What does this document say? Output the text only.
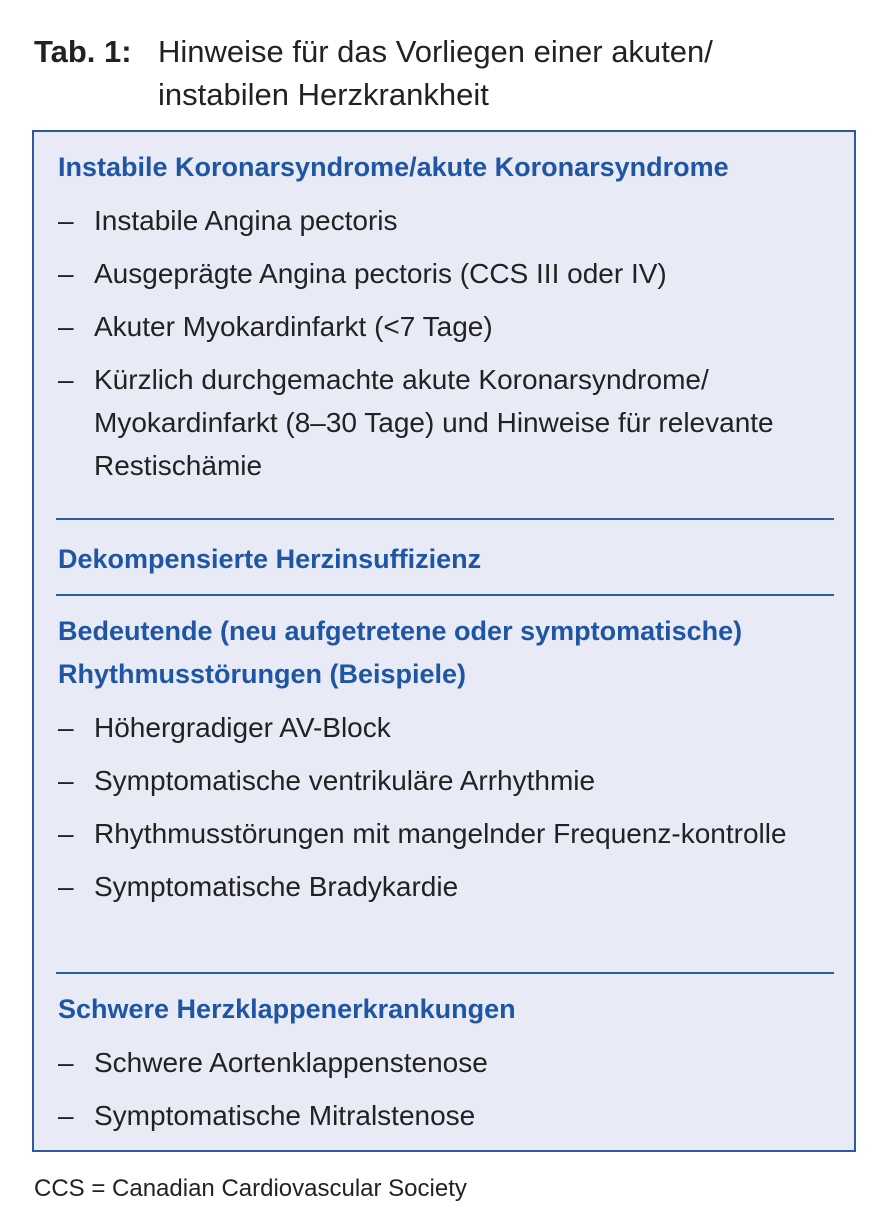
Tab. 1: Hinweise für das Vorliegen einer akuten/ instabilen Herzkrankheit
Instabile Koronarsyndrome/akute Koronarsyndrome
– Instabile Angina pectoris
– Ausgeprägte Angina pectoris (CCS III oder IV)
– Akuter Myokardinfarkt (<7 Tage)
– Kürzlich durchgemachte akute Koronarsyndrome/ Myokardinfarkt (8–30 Tage) und Hinweise für relevante Restischämie
Dekompensierte Herzinsuffizienz
Bedeutende (neu aufgetretene oder symptomatische) Rhythmusstörungen (Beispiele)
– Höhergradiger AV-Block
– Symptomatische ventrikuläre Arrhythmie
– Rhythmusstörungen mit mangelnder Frequenz-kontrolle
– Symptomatische Bradykardie
Schwere Herzklappenerkrankungen
– Schwere Aortenklappenstenose
– Symptomatische Mitralstenose
CCS = Canadian Cardiovascular Society
